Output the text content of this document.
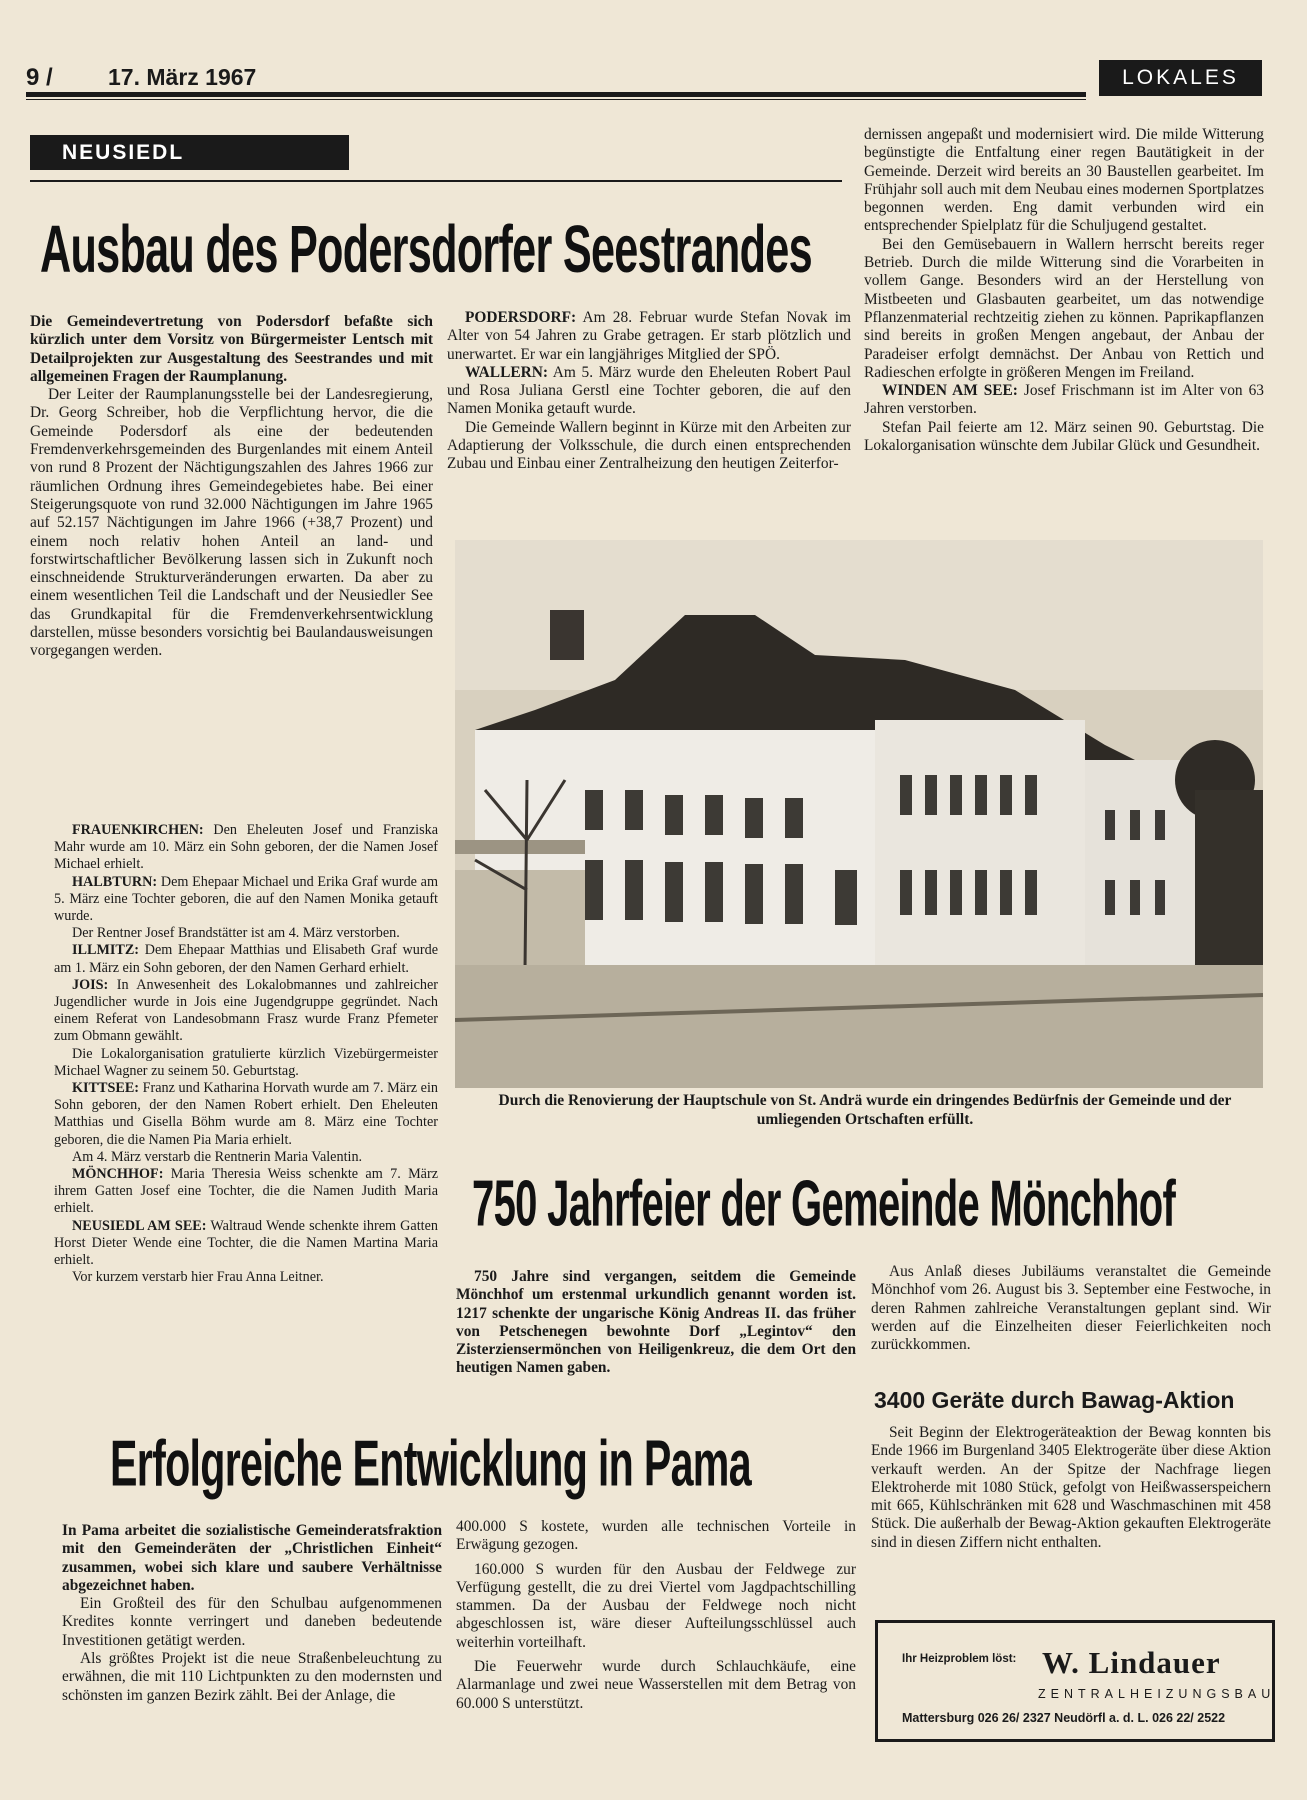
9 / 17. März 1967	LOKALES
NEUSIEDL
Ausbau des Podersdorfer Seestrandes

Die Gemeindevertretung von Podersdorf befaßte sich kürzlich unter dem Vorsitz von Bürgermeister Lentsch mit Detailprojekten zur Ausgestaltung des Seestrandes und mit allgemeinen Fragen der Raumplanung.

Der Leiter der Raumplanungsstelle bei der Landesregierung, Dr. Georg Schreiber, hob die Verpflichtung hervor, die die Gemeinde Podersdorf als eine der bedeutenden Fremdenverkehrsgemeinden des Burgenlandes mit einem Anteil von rund 8 Prozent der Nächtigungszahlen des Jahres 1966 zur räumlichen Ordnung ihres Gemeindegebietes habe. Bei einer Steigerungsquote von rund 32.000 Nächtigungen im Jahre 1965 auf 52.157 Nächtigungen im Jahre 1966 (+38,7 Prozent) und einem noch relativ hohen Anteil an land- und forstwirtschaftlicher Bevölkerung lassen sich in Zukunft noch einschneidende Strukturveränderungen erwarten. Da aber zu einem wesentlichen Teil die Landschaft und der Neusiedler See das Grundkapital für die Fremdenverkehrsentwicklung darstellen, müsse besonders vorsichtig bei Baulandausweisungen vorgegangen werden.

FRAUENKIRCHEN: Den Eheleuten Josef und Franziska Mahr wurde am 10. März ein Sohn geboren, der die Namen Josef Michael erhielt.

HALBTURN: Dem Ehepaar Michael und Erika Graf wurde am 5. März eine Tochter geboren, die auf den Namen Monika getauft wurde.

Der Rentner Josef Brandstätter ist am 4. März verstorben.

ILLMITZ: Dem Ehepaar Matthias und Elisabeth Graf wurde am 1. März ein Sohn geboren, der den Namen Gerhard erhielt.

JOIS: In Anwesenheit des Lokalobmannes und zahlreicher Jugendlicher wurde in Jois eine Jugendgruppe gegründet. Nach einem Referat von Landesobmann Frasz wurde Franz Pfemeter zum Obmann gewählt.

Die Lokalorganisation gratulierte kürzlich Vizebürgermeister Michael Wagner zu seinem 50. Geburtstag.

KITTSEE: Franz und Katharina Horvath wurde am 7. März ein Sohn geboren, der den Namen Robert erhielt. Den Eheleuten Matthias und Gisella Böhm wurde am 8. März eine Tochter geboren, die die Namen Pia Maria erhielt.

Am 4. März verstarb die Rentnerin Maria Valentin.

MÖNCHHOF: Maria Theresia Weiss schenkte am 7. März ihrem Gatten Josef eine Tochter, die die Namen Judith Maria erhielt.

NEUSIEDL AM SEE: Waltraud Wende schenkte ihrem Gatten Horst Dieter Wende eine Tochter, die die Namen Martina Maria erhielt.

Vor kurzem verstarb hier Frau Anna Leitner.

PODERSDORF: Am 28. Februar wurde Stefan Novak im Alter von 54 Jahren zu Grabe getragen. Er starb plötzlich und unerwartet. Er war ein langjähriges Mitglied der SPÖ.

WALLERN: Am 5. März wurde den Eheleuten Robert Paul und Rosa Juliana Gerstl eine Tochter geboren, die auf den Namen Monika getauft wurde.

Die Gemeinde Wallern beginnt in Kürze mit den Arbeiten zur Adaptierung der Volksschule, die durch einen entsprechenden Zubau und Einbau einer Zentralheizung den heutigen Zeiterfor-

dernissen angepaßt und modernisiert wird. Die milde Witterung begünstigte die Entfaltung einer regen Bautätigkeit in der Gemeinde. Derzeit wird bereits an 30 Baustellen gearbeitet. Im Frühjahr soll auch mit dem Neubau eines modernen Sportplatzes begonnen werden. Eng damit verbunden wird ein entsprechender Spielplatz für die Schuljugend gestaltet.

Bei den Gemüsebauern in Wallern herrscht bereits reger Betrieb. Durch die milde Witterung sind die Vorarbeiten in vollem Gange. Besonders wird an der Herstellung von Mistbeeten und Glasbauten gearbeitet, um das notwendige Pflanzenmaterial rechtzeitig ziehen zu können. Paprikapflanzen sind bereits in großen Mengen angebaut, der Anbau der Paradeiser erfolgt demnächst. Der Anbau von Rettich und Radieschen erfolgte in größeren Mengen im Freiland.

WINDEN AM SEE: Josef Frischmann ist im Alter von 63 Jahren verstorben.

Stefan Pail feierte am 12. März seinen 90. Geburtstag. Die Lokalorganisation wünschte dem Jubilar Glück und Gesundheit.

Durch die Renovierung der Hauptschule von St. Andrä wurde ein dringendes Bedürfnis der Gemeinde und der umliegenden Ortschaften erfüllt.
750 Jahrfeier der Gemeinde Mönchhof

750 Jahre sind vergangen, seitdem die Gemeinde Mönchhof um erstenmal urkundlich genannt worden ist. 1217 schenkte der ungarische König Andreas II. das früher von Petschenegen bewohnte Dorf „Legintov“ den Zisterziensermönchen von Heiligenkreuz, die dem Ort den heutigen Namen gaben.

Aus Anlaß dieses Jubiläums veranstaltet die Gemeinde Mönchhof vom 26. August bis 3. September eine Festwoche, in deren Rahmen zahlreiche Veranstaltungen geplant sind. Wir werden auf die Einzelheiten dieser Feierlichkeiten noch zurückkommen.

3400 Geräte durch Bawag-Aktion

Seit Beginn der Elektrogeräteaktion der Bewag konnten bis Ende 1966 im Burgenland 3405 Elektrogeräte über diese Aktion verkauft werden. An der Spitze der Nachfrage liegen Elektroherde mit 1080 Stück, gefolgt von Heißwasserspeichern mit 665, Kühlschränken mit 628 und Waschmaschinen mit 458 Stück. Die außerhalb der Bewag-Aktion gekauften Elektrogeräte sind in diesen Ziffern nicht enthalten.

Erfolgreiche Entwicklung in Pama

In Pama arbeitet die sozialistische Gemeinderatsfraktion mit den Gemeinderäten der „Christlichen Einheit“ zusammen, wobei sich klare und saubere Verhältnisse abgezeichnet haben.

Ein Großteil des für den Schulbau aufgenommenen Kredites konnte verringert und daneben bedeutende Investitionen getätigt werden.

Als größtes Projekt ist die neue Straßenbeleuchtung zu erwähnen, die mit 110 Lichtpunkten zu den modernsten und schönsten im ganzen Bezirk zählt. Bei der Anlage, die

400.000 S kostete, wurden alle technischen Vorteile in Erwägung gezogen.

160.000 S wurden für den Ausbau der Feldwege zur Verfügung gestellt, die zu drei Viertel vom Jagdpachtschilling stammen. Da der Ausbau der Feldwege noch nicht abgeschlossen ist, wäre dieser Aufteilungsschlüssel auch weiterhin vorteilhaft.

Die Feuerwehr wurde durch Schlauchkäufe, eine Alarmanlage und zwei neue Wasserstellen mit dem Betrag von 60.000 S unterstützt.

Ihr Heizproblem löst: W. Lindauer
ZENTRALHEIZUNGSBAU
Mattersburg 026 26/ 2327 Neudörfl a. d. L. 026 22/ 2522
